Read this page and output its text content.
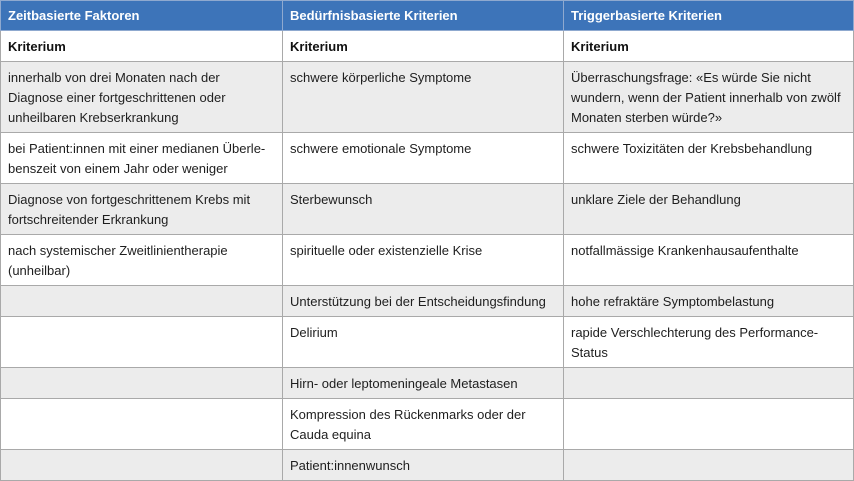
Zeitbasierte Faktoren	Bedürfnisbasierte Kriterien	Triggerbasierte Kriterien
Kriterium	Kriterium	Kriterium
innerhalb von drei Monaten nach der Diagnose einer fortgeschrittenen oder unheilbaren Krebserkrankung	schwere körperliche Symptome	Überraschungsfrage: «Es würde Sie nicht wundern, wenn der Patient innerhalb von zwölf Monaten sterben würde?»
bei Patient:innen mit einer medianen Überle-benszeit von einem Jahr oder weniger	schwere emotionale Symptome	schwere Toxizitäten der Krebsbehandlung
Diagnose von fortgeschrittenem Krebs mit fortschreitender Erkrankung	Sterbewunsch	unklare Ziele der Behandlung
nach systemischer Zweitlinientherapie (unheilbar)	spirituelle oder existenzielle Krise	notfallmässige Krankenhausaufenthalte
	Unterstützung bei der Entscheidungsfindung	hohe refraktäre Symptombelastung
	Delirium	rapide Verschlechterung des Performance-Status
	Hirn- oder leptomeningeale Metastasen	
	Kompression des Rückenmarks oder der Cauda equina	
	Patient:innenwunsch	
